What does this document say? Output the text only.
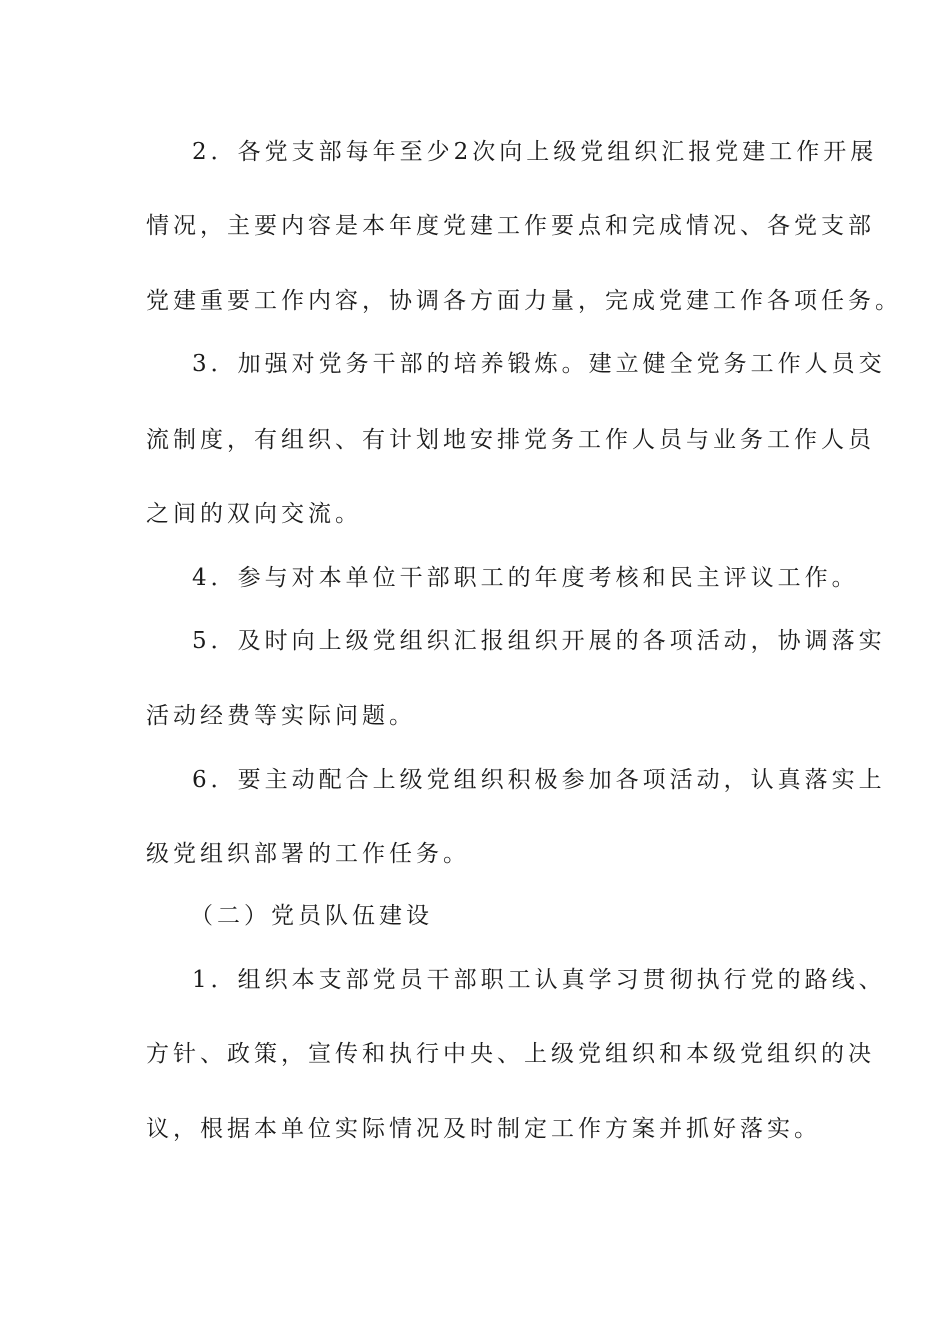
2．各党支部每年至少2次向上级党组织汇报党建工作开展
情况，主要内容是本年度党建工作要点和完成情况、各党支部
党建重要工作内容，协调各方面力量，完成党建工作各项任务。
3．加强对党务干部的培养锻炼。建立健全党务工作人员交
流制度，有组织、有计划地安排党务工作人员与业务工作人员
之间的双向交流。
4．参与对本单位干部职工的年度考核和民主评议工作。
5．及时向上级党组织汇报组织开展的各项活动，协调落实
活动经费等实际问题。
6．要主动配合上级党组织积极参加各项活动，认真落实上
级党组织部署的工作任务。
（二）党员队伍建设
1．组织本支部党员干部职工认真学习贯彻执行党的路线、
方针、政策，宣传和执行中央、上级党组织和本级党组织的决
议，根据本单位实际情况及时制定工作方案并抓好落实。
